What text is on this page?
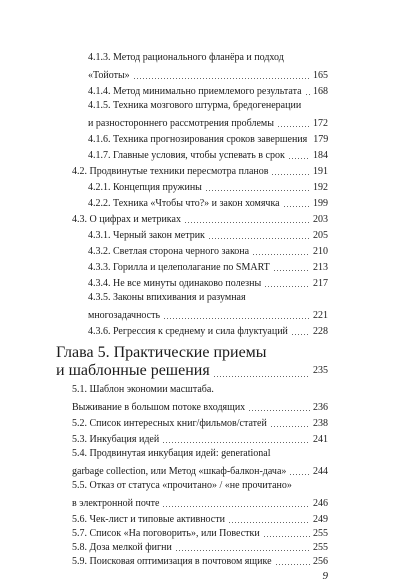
4.1.3. Метод рационального фланёра и подход
«Тойоты»	165
4.1.4. Метод минимально приемлемого результата 168
4.1.5. Техника мозгового штурма, бредогенерации
и разностороннего рассмотрения проблемы	172
4.1.6. Техника прогнозирования сроков завершения 179
4.1.7. Главные условия, чтобы успевать в срок	184
4.2. Продвинутые техники пересмотра планов	191
4.2.1. Концепция пружины	192
4.2.2. Техника «Чтобы что?» и закон хомячка	199
4.3. О цифрах и метриках	203
4.3.1. Черный закон метрик	205
4.3.2. Светлая сторона черного закона	210
4.3.3. Горилла и целеполагание по SMART	213
4.3.4. Не все минуты одинаково полезны	217
4.3.5. Законы впихивания и разумная
многозадачность	221
4.3.6. Регрессия к среднему и сила флуктуаций	228
Глава 5. Практические приемы
и шаблонные решения	235
5.1. Шаблон экономии масштаба.
Выживание в большом потоке входящих	236
5.2. Список интересных книг/фильмов/статей	238
5.3. Инкубация идей	241
5.4. Продвинутая инкубация идей: generational
garbage collection, или Метод «шкаф-балкон-дача»	244
5.5. Отказ от статуса «прочитано» / «не прочитано»
в электронной почте	246
5.6. Чек-лист и типовые активности	249
5.7. Список «На поговорить», или Повестки	255
5.8. Доза мелкой фигни	255
5.9. Поисковая оптимизация в почтовом ящике	256
9
